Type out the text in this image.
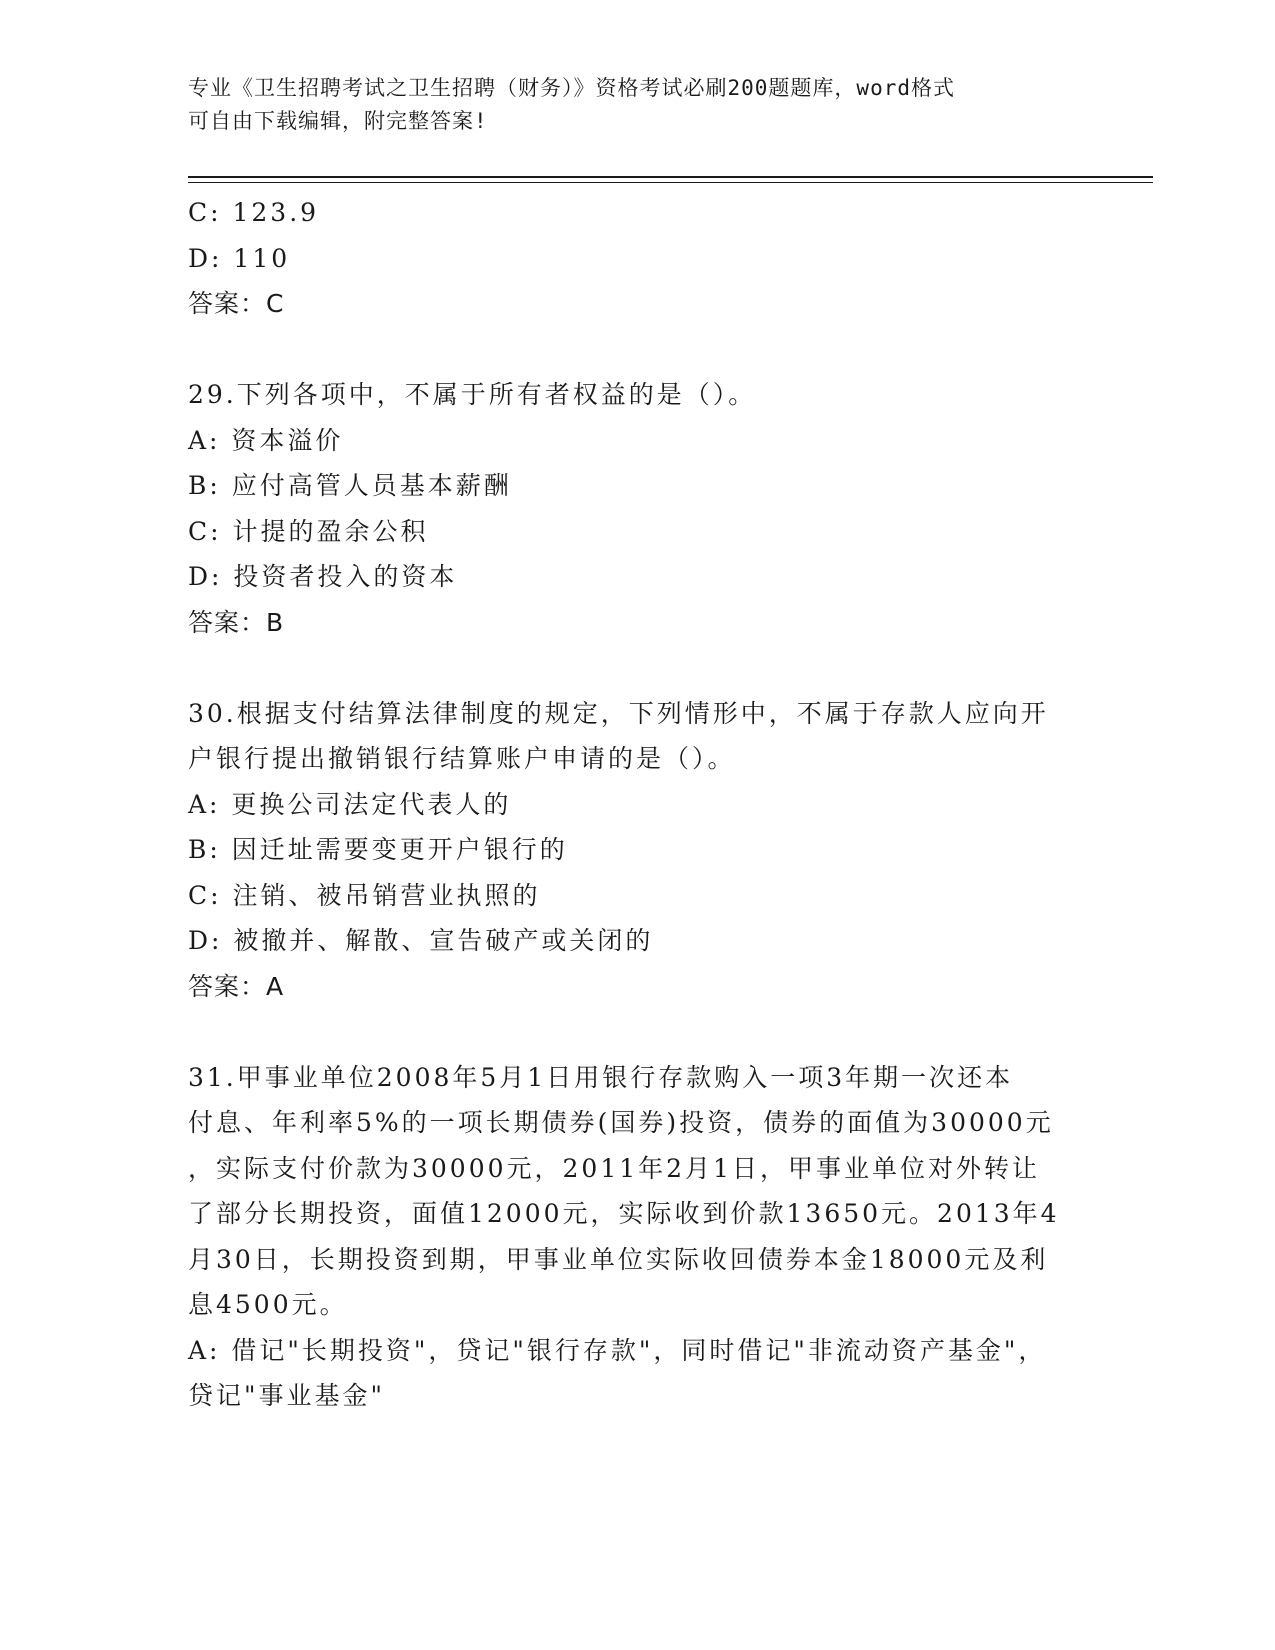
专业《卫生招聘考试之卫生招聘（财务）》资格考试必刷200题题库，word格式
可自由下载编辑，附完整答案!
C: 123.9
D: 110
答案：C
29.下列各项中，不属于所有者权益的是（）。
A: 资本溢价
B: 应付高管人员基本薪酬
C: 计提的盈余公积
D: 投资者投入的资本
答案：B
30.根据支付结算法律制度的规定，下列情形中，不属于存款人应向开
户银行提出撤销银行结算账户申请的是（）。
A: 更换公司法定代表人的
B: 因迁址需要变更开户银行的
C: 注销、被吊销营业执照的
D: 被撤并、解散、宣告破产或关闭的
答案：A
31.甲事业单位2008年5月1日用银行存款购入一项3年期一次还本
付息、年利率5%的一项长期债券(国券)投资，债券的面值为30000元
，实际支付价款为30000元，2011年2月1日，甲事业单位对外转让
了部分长期投资，面值12000元，实际收到价款13650元。2013年4
月30日，长期投资到期，甲事业单位实际收回债券本金18000元及利
息4500元。
A: 借记"长期投资"，贷记"银行存款"，同时借记"非流动资产基金"，
贷记"事业基金"
